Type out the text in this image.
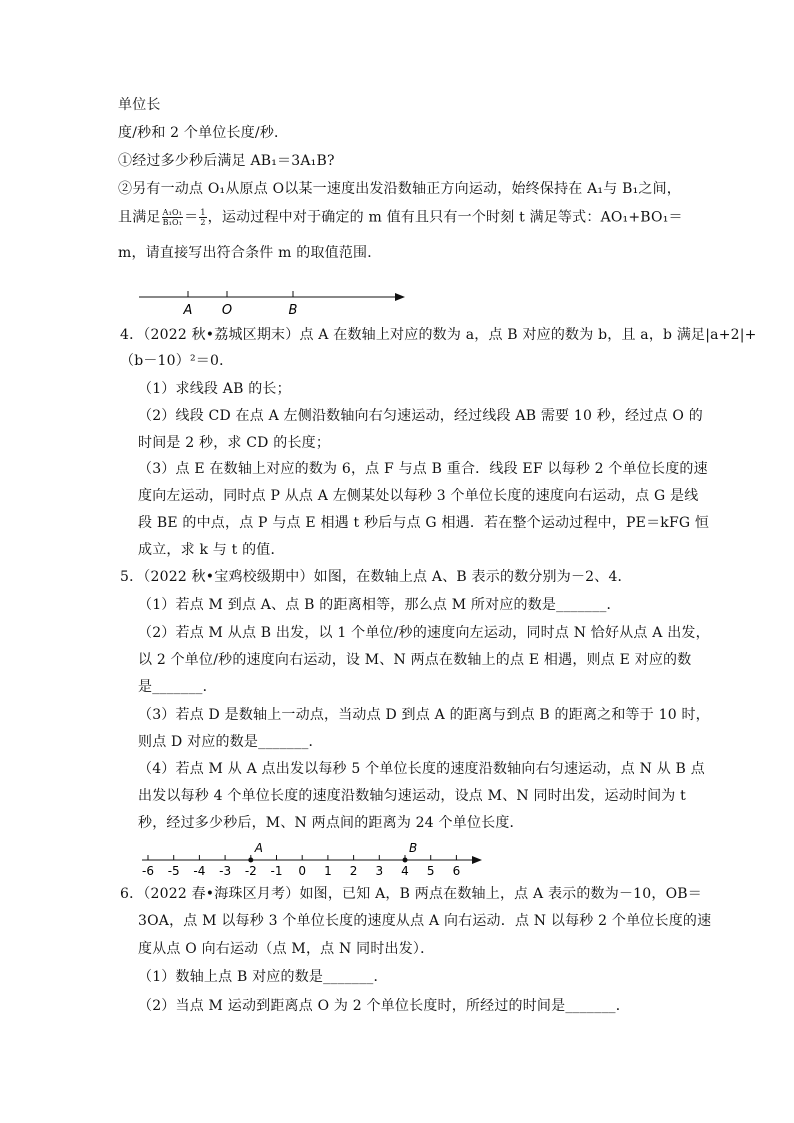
单位长
度/秒和 2 个单位长度/秒．
①经过多少秒后满足 AB₁＝3A₁B?
②另有一动点 O₁从原点 O以某一速度出发沿数轴正方向运动，始终保持在 A₁与 B₁之间，
且满足 $\frac{\text{A₁O₁}}{\text{B₁O₁}} = \frac{1}{2}$ ，运动过程中对于确定的 m 值有且只有一个时刻 t 满足等式：AO₁+BO₁＝
m，请直接写出符合条件 m 的取值范围．
A O	B
4．（2022 秋•荔城区期末）点 A 在数轴上对应的数为 a，点 B 对应的数为 b，且 a，b 满足|a+2|+
（b－10）²＝0．
（1）求线段 AB 的长；
（2）线段 CD 在点 A 左侧沿数轴向右匀速运动，经过线段 AB 需要 10 秒，经过点 O 的
时间是 2 秒，求 CD 的长度；
（3）点 E 在数轴上对应的数为 6，点 F 与点 B 重合．线段 EF 以每秒 2 个单位长度的速
度向左运动，同时点 P 从点 A 左侧某处以每秒 3 个单位长度的速度向右运动，点 G 是线
段 BE 的中点，点 P 与点 E 相遇 t 秒后与点 G 相遇．若在整个运动过程中，PE＝kFG 恒
成立，求 k 与 t 的值．
5．（2022 秋•宝鸡校级期中）如图，在数轴上点 A、B 表示的数分别为－2、4．
（1）若点 M 到点 A、点 B 的距离相等，那么点 M 所对应的数是_______．
（2）若点 M 从点 B 出发，以 1 个单位/秒的速度向左运动，同时点 N 恰好从点 A 出发，
以 2 个单位/秒的速度向右运动，设 M、N 两点在数轴上的点 E 相遇，则点 E 对应的数
是_______．
（3）若点 D 是数轴上一动点，当动点 D 到点 A 的距离与到点 B 的距离之和等于 10 时，
则点 D 对应的数是_______．
（4）若点 M 从 A 点出发以每秒 5 个单位长度的速度沿数轴向右匀速运动，点 N 从 B 点
出发以每秒 4 个单位长度的速度沿数轴匀速运动，设点 M、N 同时出发，运动时间为 t
秒，经过多少秒后，M、N 两点间的距离为 24 个单位长度．
-6 -5 -4 -3 -2 -1 0 1 2 3 4 5 6
A	B
6．（2022 春•海珠区月考）如图，已知 A，B 两点在数轴上，点 A 表示的数为－10，OB＝
3OA，点 M 以每秒 3 个单位长度的速度从点 A 向右运动．点 N 以每秒 2 个单位长度的速
度从点 O 向右运动（点 M，点 N 同时出发）．
（1）数轴上点 B 对应的数是_______．
（2）当点 M 运动到距离点 O 为 2 个单位长度时，所经过的时间是_______．
